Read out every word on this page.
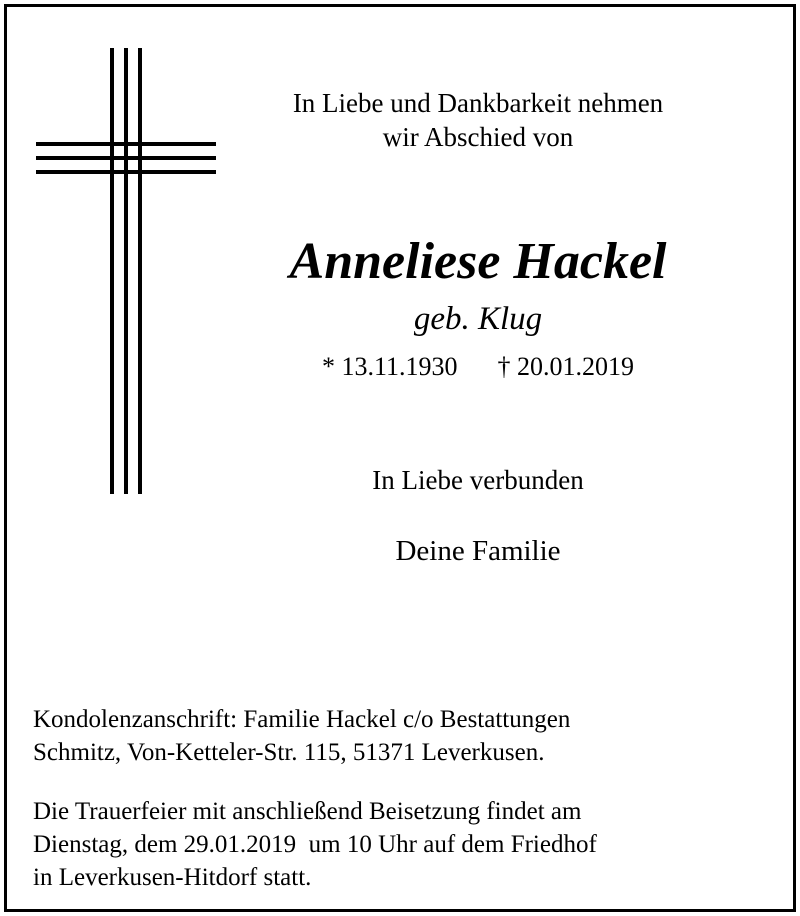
In Liebe und Dankbarkeit nehmen
wir Abschied von
Anneliese Hackel
geb. Klug
* 13.11.1930 † 20.01.2019
In Liebe verbunden
Deine Familie
Kondolenzanschrift: Familie Hackel c/o Bestattungen
Schmitz, Von-Ketteler-Str. 115, 51371 Leverkusen.
Die Trauerfeier mit anschließend Beisetzung findet am
Dienstag, dem 29.01.2019  um 10 Uhr auf dem Friedhof
in Leverkusen-Hitdorf statt.
